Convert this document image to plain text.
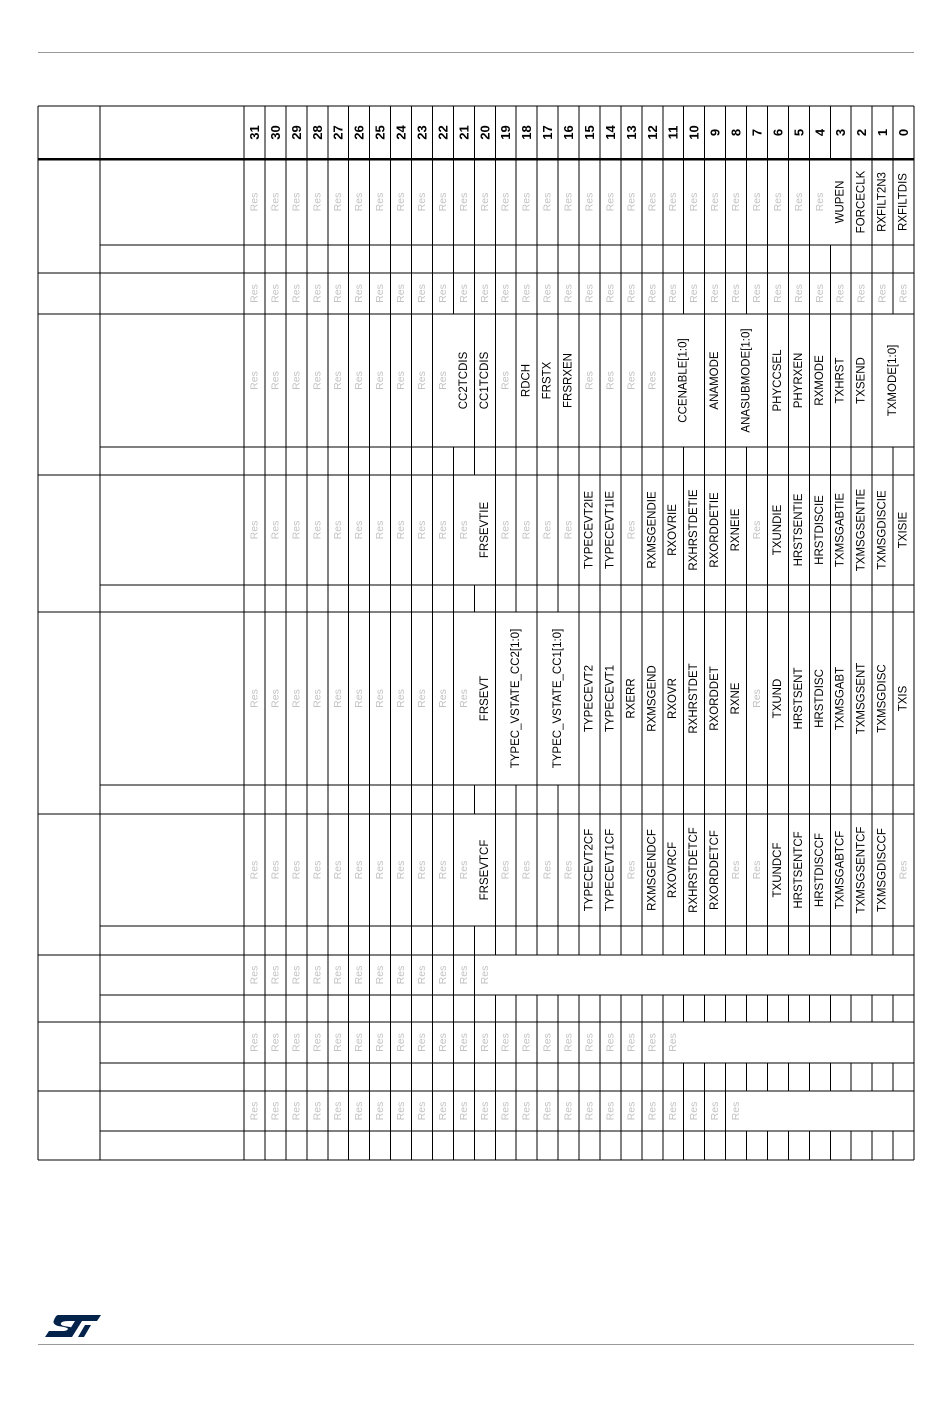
31 30 29 28 27 26 25 24 23 22 21 20 19 18 17 16 15 14 13 12 11 10 9 8 7 6 5 4 3 2 1 0
Res Res Res Res Res Res Res Res Res Res Res Res Res Res Res Res Res Res Res Res Res Res Res Res Res Res Res Res WUPEN FORCECLK RXFILT2N3 RXFILTDIS
Res Res Res Res Res Res Res Res Res Res Res Res Res Res Res Res Res Res Res Res Res Res Res Res Res Res Res Res Res Res Res Res
Res Res Res Res Res Res Res Res Res Res CC2TCDIS CC1TCDIS Res RDCH FRSTX FRSRXEN Res Res Res Res CCENABLE[1:0] ANAMODE ANASUBMODE[1:0] PHYCCSEL PHYRXEN RXMODE TXHRST TXSEND TXMODE[1:0]
Res Res Res Res Res Res Res Res Res Res Res FRSEVTIE Res Res Res Res TYPECEVT2IE TYPECEVT1IE Res RXMSGENDIE RXOVRIE RXHRSTDETIE RXORDDETIE RXNEIE Res TXUNDIE HRSTSENTIE HRSTDISCIE TXMSGABTIE TXMSGSENTIE TXMSGDISCIE TXISIE
Res Res Res Res Res Res Res Res Res Res Res FRSEVT TYPEC_VSTATE_CC2[1:0]	TYPEC_VSTATE_CC1[1:0] TYPECEVT2 TYPECEVT1 RXERR RXMSGEND RXOVR RXHRSTDET RXORDDET RXNE Res TXUND HRSTSENT HRSTDISC TXMSGABT TXMSGSENT TXMSGDISC TXIS
Res Res Res Res Res Res Res Res Res Res Res FRSEVTCF Res Res Res Res TYPECEVT2CF TYPECEVT1CF Res RXMSGENDCF RXOVRCF RXHRSTDETCF RXORDDETCF Res Res TXUNDCF HRSTSENTCF HRSTDISCCF TXMSGABTCF TXMSGSENTCF TXMSGDISCCF Res
Res Res Res Res Res Res Res Res Res Res Res Res
Res Res Res Res Res Res Res Res Res Res Res Res Res Res Res Res Res Res Res Res Res
Res Res Res Res Res Res Res Res Res Res Res Res Res Res Res Res Res Res Res Res Res Res Res Res
